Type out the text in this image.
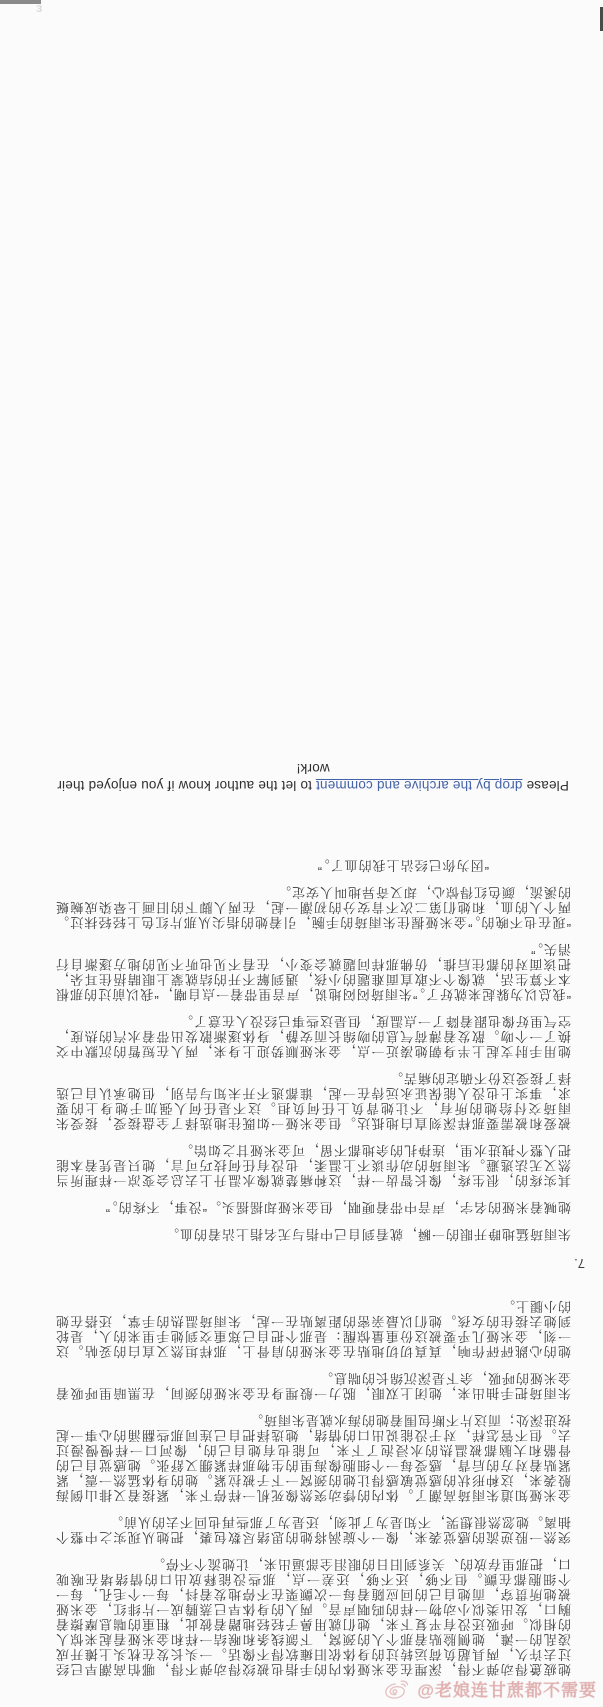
她疲惫得动弹不得，深埋在金米娅体内的手指也被绞得动弹不得，哪怕高潮早已经过去许久，两具超负荷运转过的身体依旧瘫软得不像话。一头长发在枕头上摊开成凌乱的一滩，她侧脸贴着那个人的颈窝，下颌线条和喉结一样和金米娅看起来惊人的相似。呼吸还没有平复下来，她们就用鼻子轻轻地蹭着彼此，粗重的喘息摩擦着胸口，发出类似小动物一样的呜咽声音。两人的身体早已蒸腾成一片绯红，金米娅被她所贯穿，而她自己的回应随着每一次颤栗在不停地发着抖，每一个毛孔，每一个细胞都在颤。但不够，还不够，还差一点，那些没能释放出口的情绪堵在喉咙口，把那里存放的、关系到旧日的眼泪全部逼出来，让她流个不停。

突然一股逆流的感觉袭来，像一个旋涡将她的思绪尽数包裹，把她从现实之中整个抽离。她忽然很想哭，不知是为了此刻，还是为了那些再也回不去的从前。

金米娅知道朱雨琦高潮了。体内的悸动突然像死机一样停下来，紧接着又排山倒海般袭来，这种形状的感觉敏感得让她的颈窝一下子被拉紧。她的身体猛然一震，紧紧贴着对方的后背，感受每一个细胞像海里的生物那样紧绷又舒张。她感觉自己的骨骼和大脑都被温热的水浸泡了下来，可能也有她自己的，像河口一样慢慢漫过去。但不管怎样，对于没能说出口的情绪，她选择把自己连同那些翻涌的心事一起按进深处；而这片不断包围着她的海水就是朱雨琦。

朱雨琦把手抽出来，她闭上双眼，脱力一般埋身在金米娅的颈间，在黑暗里呼吸着金米娅的呼吸，余下是深沉绵长的喘息。

她的心跳砰砰作响，真真切切地贴在金米娅的肩骨上，那样坦然又直白的妥帖。这一刻，金米娅几乎要被这份重量惊醒：是那个把自己郑重交到她手里来的人，是轮到她去接住的女孩。她们以最亲密的距离贴在一起，朱雨琦温热的手掌，还搭在她的小腿上。

7.

朱雨琦猛地睁开眼的一瞬，就看到自己中指与无名指上沾着的血。

她喊着米娅的名字，声音中带着哽咽，但金米娅却摇摇头。“没事，不疼的。”

其实疼的，很生疼，像长智齿一样，这种痛楚就像水温升上去总会变凉一样理所当然又无法逃避。朱雨琦的动作谈不上温柔，也没有任何技巧可言，她只是凭着本能把人整个拽进水里，连挣扎的余地都不留，可金米娅甘之如饴。

被爱和被需要那样深刻直白地抵达。但金米娅一如既往地选择了全盘接受，接受朱雨琦交付给她的所有，不让她背负上任何负担。这不是任何人强加于她身上的要求，事实上也没人能保证永远待在一起，谁都逃不开未知与告别，但她承认自己选择了接受这份不确定的痛苦。

她用手肘支起上半身朝她凑近一点，金米娅顺势迎上身来，两人在短暂的沉默中交换了一个吻。散发着薄荷气息的吻绵长而安静，身体逐渐散发出带着水汽的热度，空气里好像也跟着降了一点温度，但是这些事已经没人在意了。

“我总以为躲起来就好了。”朱雨琦闷闷地说，声音里带着一点自嘲，“我以前过的那根本不算生活，就像个不敢直面难题的小孩，遇到解不开的结就蒙上眼睛捂住耳朵，把该面对的都往后推，仿佛那样问题就会变小，在看不见也听不见的地方逐渐自行消失。”

“现在也不晚的。”金米娅握住朱雨琦的手腕，引着她的指尖从那片红色上轻轻抹过。两个人的血，和她们第二次不肯安分的初潮一起，在两人脚下的旧画上晕染成蜿蜒的溪流，颜色红得惊心，却又奇异地叫人安定。

“因为你已经沾上我的血了。”

Please drop by the archive and comment to let the author know if you enjoyed their work!
ɜ
@老娘连甘蔗都不需要
